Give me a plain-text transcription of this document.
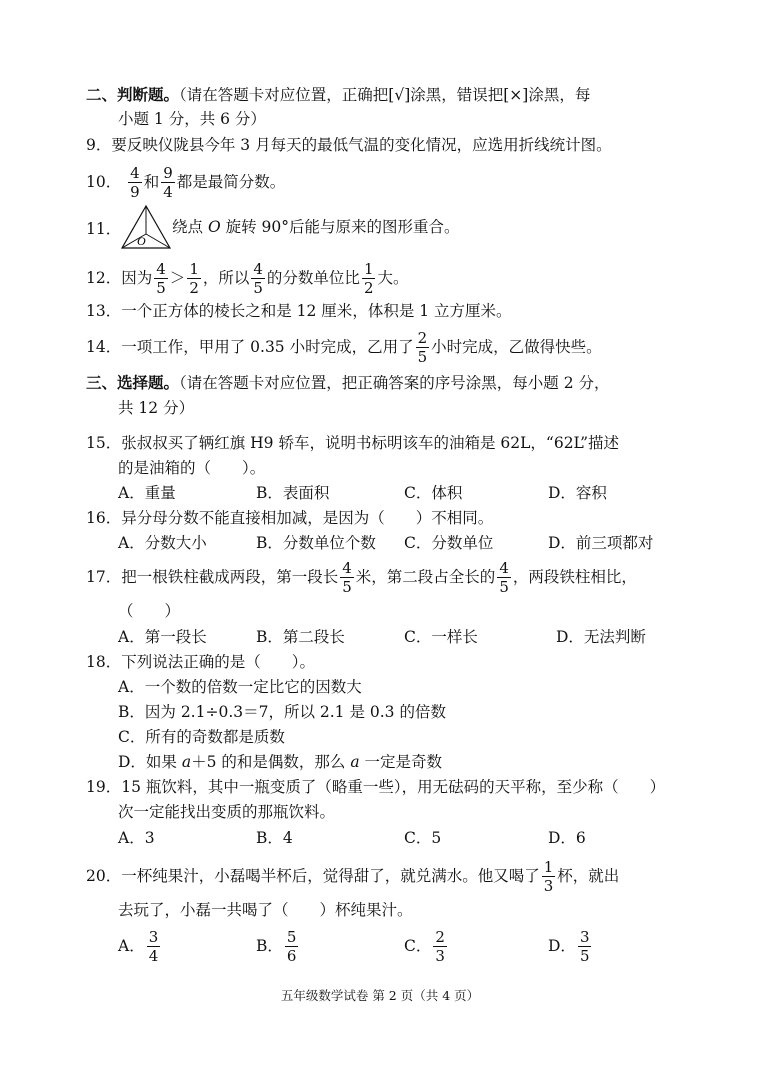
二、判断题。（请在答题卡对应位置，正确把[√]涂黑，错误把[×]涂黑，每
小题 1 分，共 6 分）
9．要反映仪陇县今年 3 月每天的最低气温的变化情况，应选用折线统计图。
10． $\frac{4}{9}$ 和 $\frac{9}{4}$ 都是最简分数。
11．
O
绕点 O 旋转 90°后能与原来的图形重合。
12．因为 $\frac{4}{5} > \frac{1}{2}$ ，所以 $\frac{4}{5}$ 的分数单位比 $\frac{1}{2}$ 大。
13．一个正方体的棱长之和是 12 厘米，体积是 1 立方厘米。
14．一项工作，甲用了 0.35 小时完成，乙用了 $\frac{2}{5}$ 小时完成，乙做得快些。
三、选择题。（请在答题卡对应位置，把正确答案的序号涂黑，每小题 2 分，
共 12 分）
15．张叔叔买了辆红旗 H9 轿车，说明书标明该车的油箱是 62L，“62L”描述
的是油箱的（　　）。
A．重量	B．表面积	C．体积	D．容积
16．异分母分数不能直接相加减，是因为（　　）不相同。
A．分数大小	B．分数单位个数 C．分数单位	D．前三项都对
17．把一根铁柱截成两段，第一段长 $\frac{4}{5}$ 米，第二段占全长的 $\frac{4}{5}$ ，两段铁柱相比，
（　　）
A．第一段长	B．第二段长	C．一样长	D．无法判断
18．下列说法正确的是（　　）。
A．一个数的倍数一定比它的因数大
B．因为 2.1÷0.3＝7，所以 2.1 是 0.3 的倍数
C．所有的奇数都是质数
D．如果 a＋5 的和是偶数，那么 a 一定是奇数
19．15 瓶饮料，其中一瓶变质了（略重一些），用无砝码的天平称，至少称（　　）
次一定能找出变质的那瓶饮料。
A．3	B．4	C．5	D．6
20．一杯纯果汁，小磊喝半杯后，觉得甜了，就兑满水。他又喝了 $\frac{1}{3}$ 杯，就出
去玩了，小磊一共喝了（　　）杯纯果汁。
A． $\frac{3}{4}$	B． $\frac{5}{6}$	C． $\frac{2}{3}$	D． $\frac{3}{5}$
五年级数学试卷 第 2 页（共 4 页）
